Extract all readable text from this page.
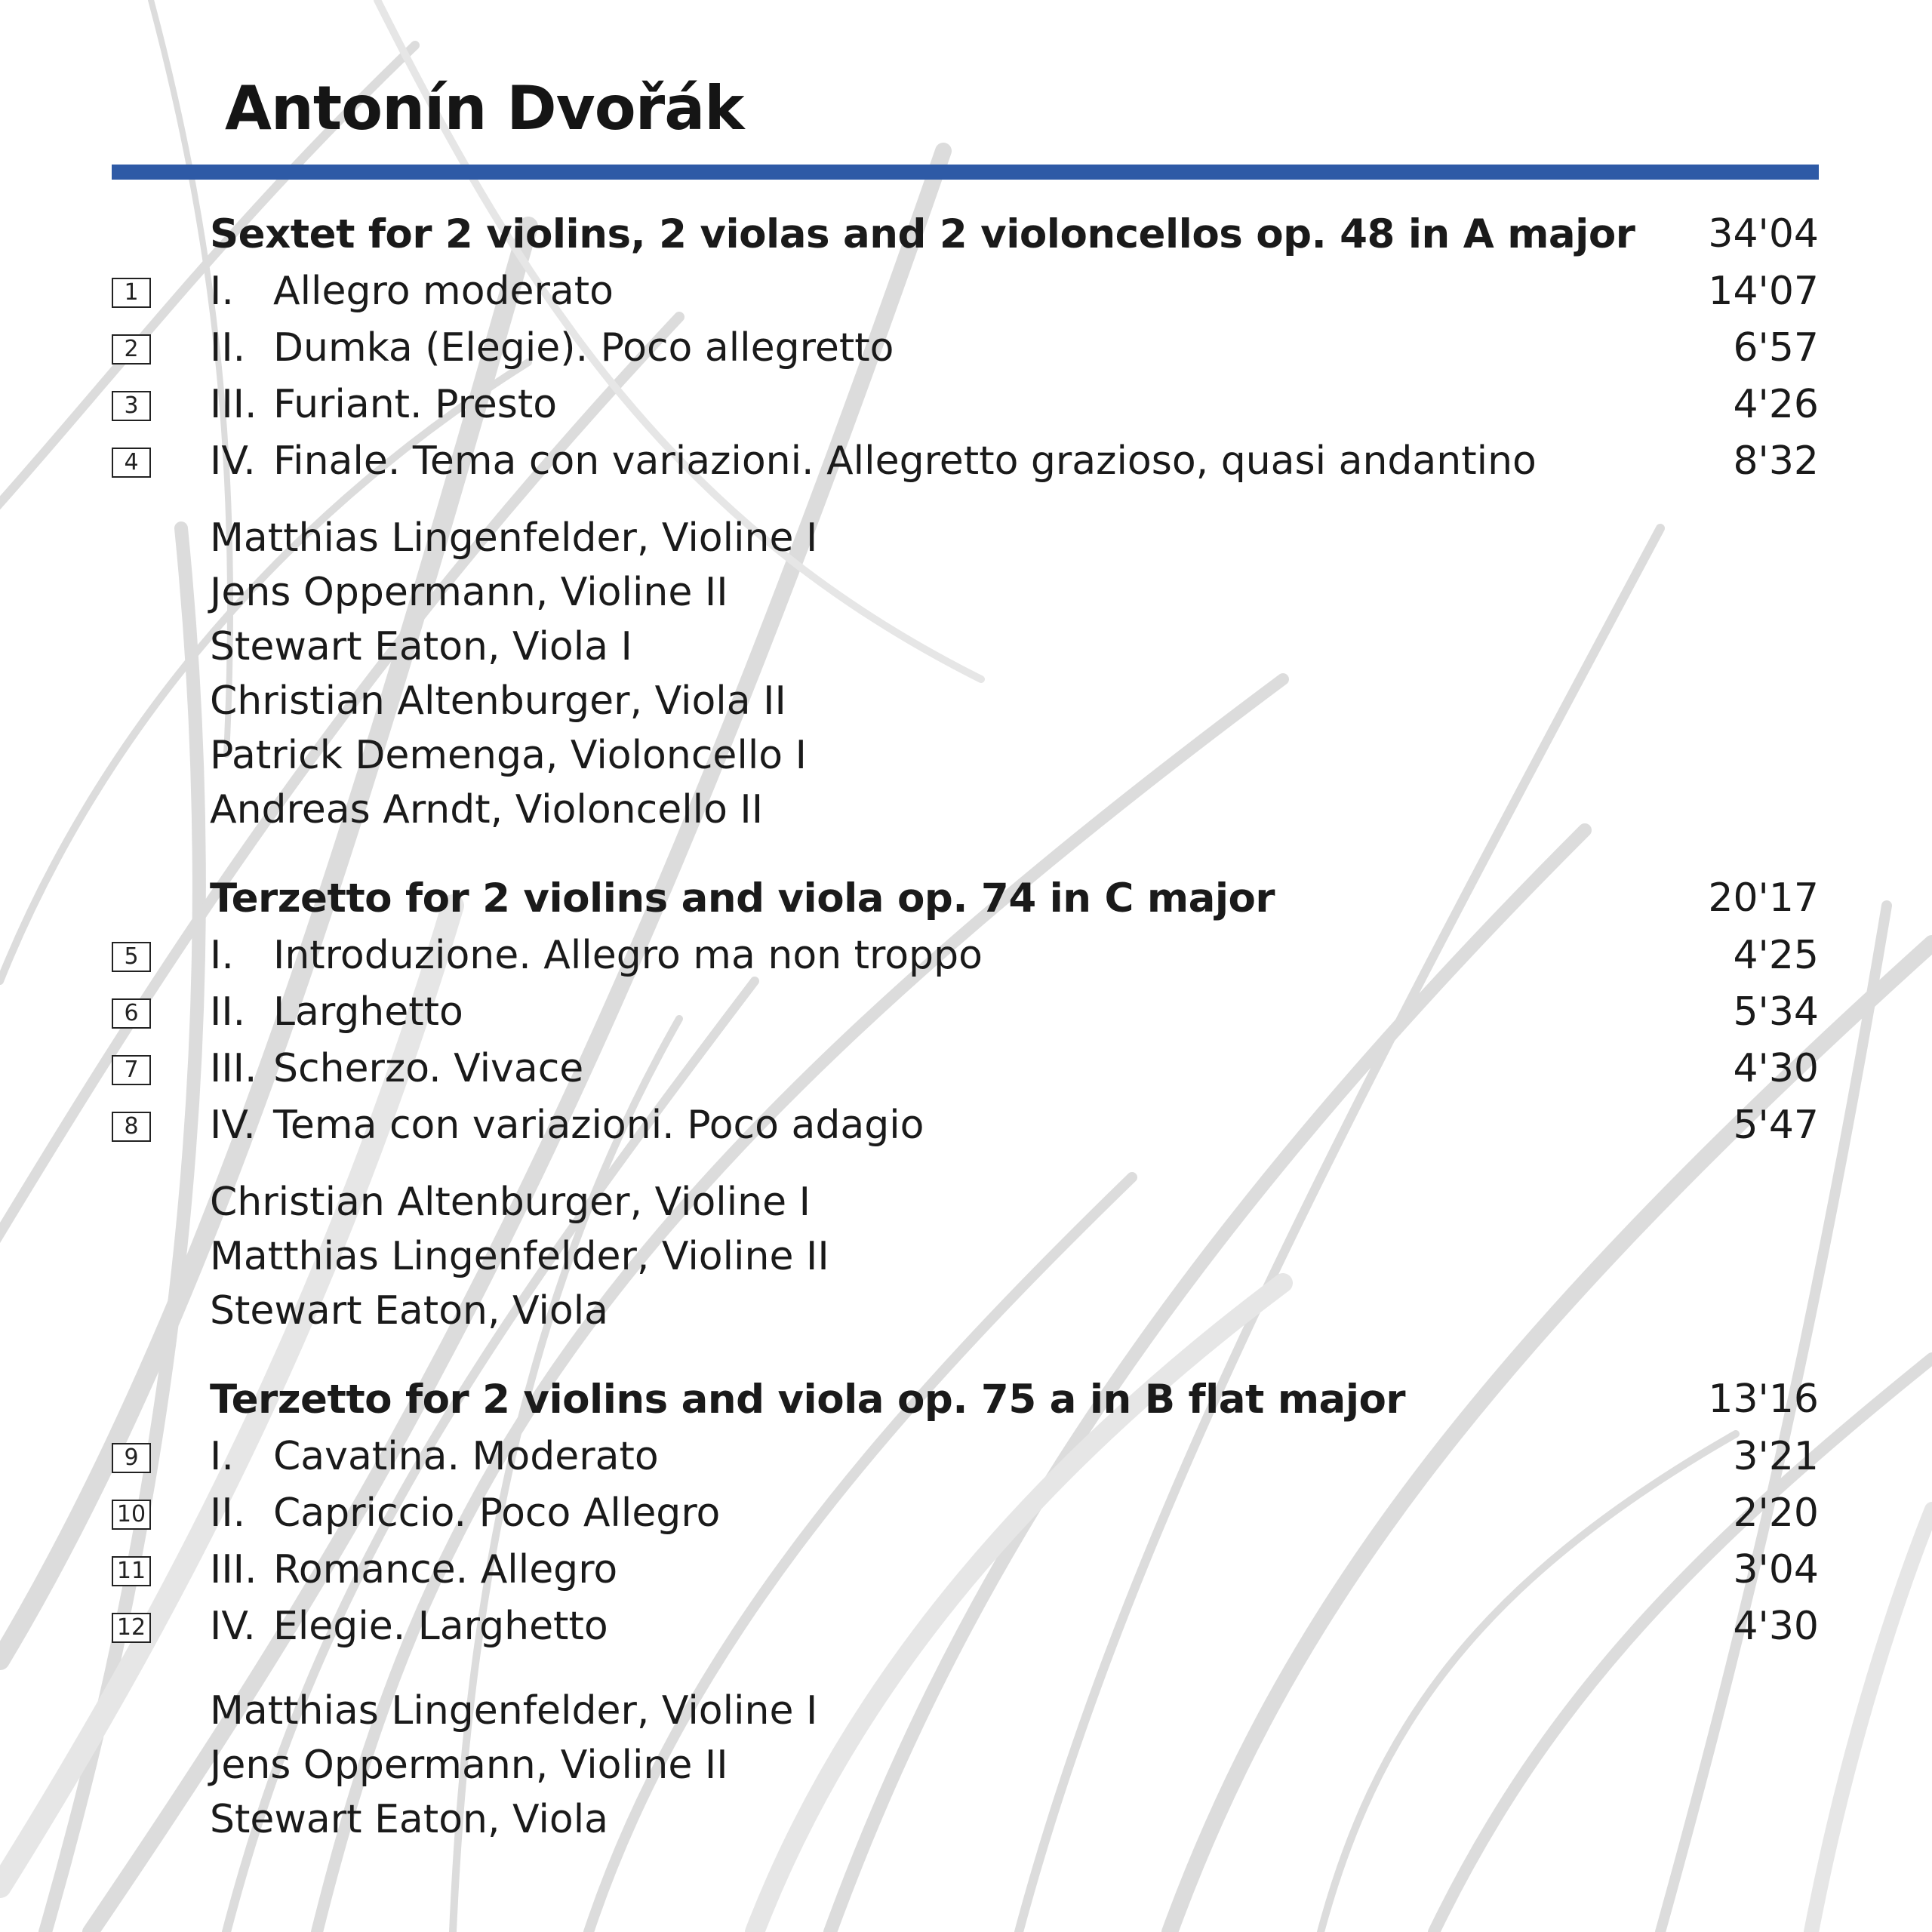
Antonín Dvořák
Sextet for 2 violins, 2 violas and 2 violoncellos op. 48 in A major 34'04
1	I. Allegro moderato	14'07
2	II. Dumka (Elegie). Poco allegretto	6'57
3	III. Furiant. Presto	4'26
4	IV. Finale. Tema con variazioni. Allegretto grazioso, quasi andantino	8'32
Matthias Lingenfelder, Violine I
Jens Oppermann, Violine II
Stewart Eaton, Viola I
Christian Altenburger, Viola II
Patrick Demenga, Violoncello I
Andreas Arndt, Violoncello II
Terzetto for 2 violins and viola op. 74 in C major	20'17
5	I. Introduzione. Allegro ma non troppo	4'25
6	II. Larghetto	5'34
7	III. Scherzo. Vivace	4'30
8	IV. Tema con variazioni. Poco adagio	5'47
Christian Altenburger, Violine I
Matthias Lingenfelder, Violine II
Stewart Eaton, Viola
Terzetto for 2 violins and viola op. 75 a in B flat major	13'16
9	I. Cavatina. Moderato	3'21
10 II. Capriccio. Poco Allegro	2'20
11 III. Romance. Allegro	3'04
12 IV. Elegie. Larghetto	4'30
Matthias Lingenfelder, Violine I
Jens Oppermann, Violine II
Stewart Eaton, Viola
